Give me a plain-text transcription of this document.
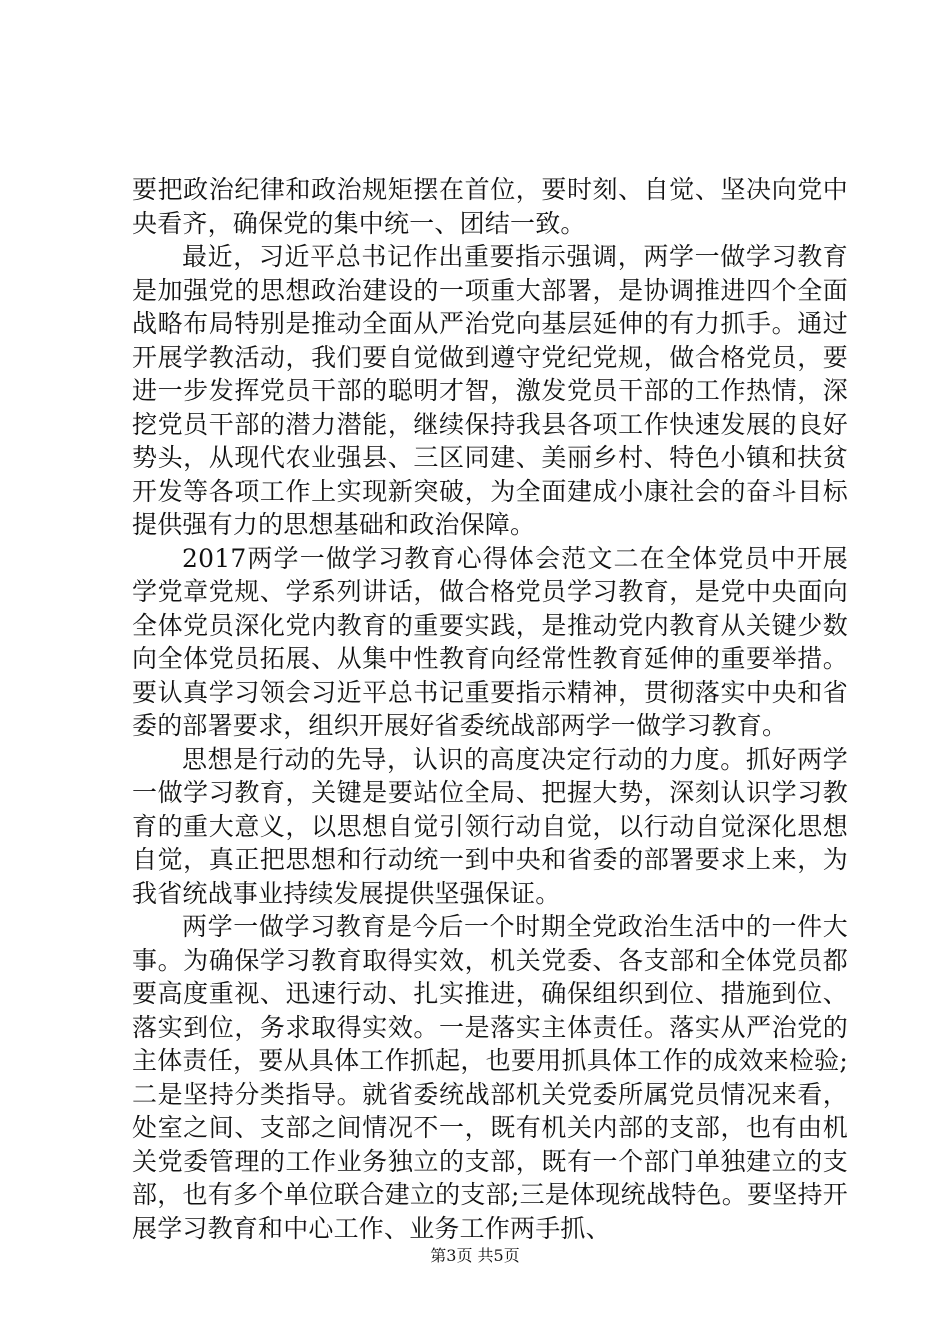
要把政治纪律和政治规矩摆在首位，要时刻、自觉、坚决向党中央看齐，确保党的集中统一、团结一致。

最近，习近平总书记作出重要指示强调，两学一做学习教育是加强党的思想政治建设的一项重大部署，是协调推进四个全面战略布局特别是推动全面从严治党向基层延伸的有力抓手。通过开展学教活动，我们要自觉做到遵守党纪党规，做合格党员，要进一步发挥党员干部的聪明才智，激发党员干部的工作热情，深挖党员干部的潜力潜能，继续保持我县各项工作快速发展的良好势头，从现代农业强县、三区同建、美丽乡村、特色小镇和扶贫开发等各项工作上实现新突破，为全面建成小康社会的奋斗目标提供强有力的思想基础和政治保障。

2017两学一做学习教育心得体会范文二在全体党员中开展学党章党规、学系列讲话，做合格党员学习教育，是党中央面向全体党员深化党内教育的重要实践，是推动党内教育从关键少数向全体党员拓展、从集中性教育向经常性教育延伸的重要举措。要认真学习领会习近平总书记重要指示精神，贯彻落实中央和省委的部署要求，组织开展好省委统战部两学一做学习教育。

思想是行动的先导，认识的高度决定行动的力度。抓好两学一做学习教育，关键是要站位全局、把握大势，深刻认识学习教育的重大意义，以思想自觉引领行动自觉，以行动自觉深化思想自觉，真正把思想和行动统一到中央和省委的部署要求上来，为我省统战事业持续发展提供坚强保证。

两学一做学习教育是今后一个时期全党政治生活中的一件大事。为确保学习教育取得实效，机关党委、各支部和全体党员都要高度重视、迅速行动、扎实推进，确保组织到位、措施到位、落实到位，务求取得实效。一是落实主体责任。落实从严治党的主体责任，要从具体工作抓起，也要用抓具体工作的成效来检验;二是坚持分类指导。就省委统战部机关党委所属党员情况来看，处室之间、支部之间情况不一，既有机关内部的支部，也有由机关党委管理的工作业务独立的支部，既有一个部门单独建立的支部，也有多个单位联合建立的支部;三是体现统战特色。要坚持开展学习教育和中心工作、业务工作两手抓、

第3页 共5页
